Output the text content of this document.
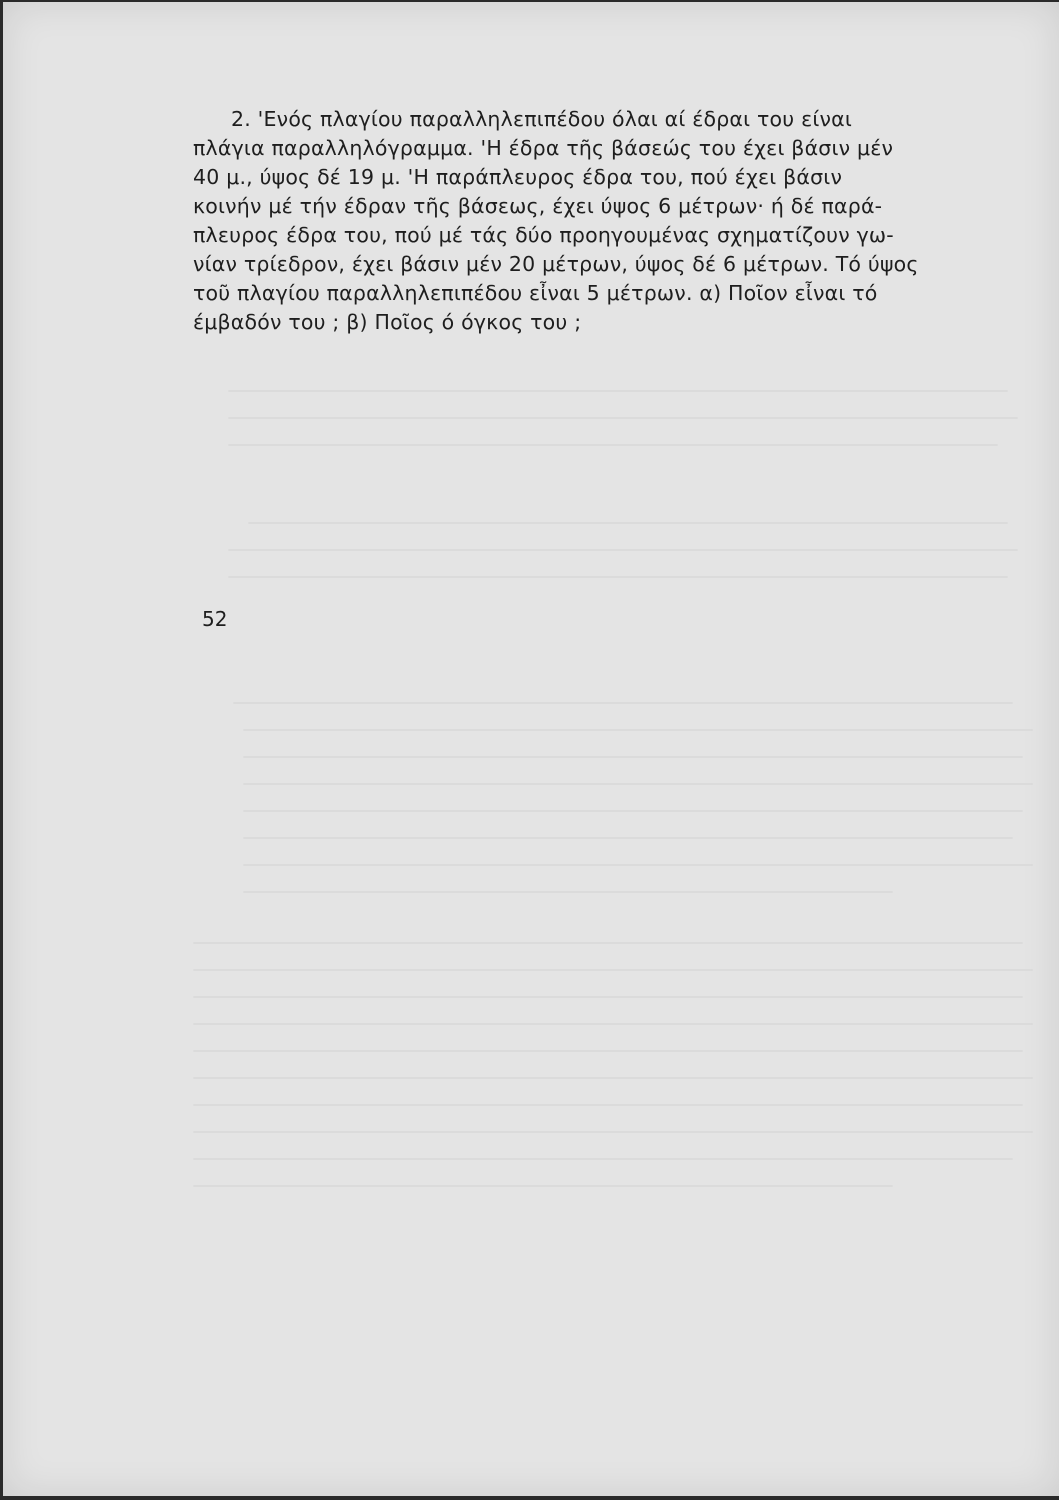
2. 'Ενός πλαγίου παραλληλεπιπέδου όλαι αί έδραι του είναι
πλάγια παραλληλόγραμμα. 'Η έδρα τῆς βάσεώς του έχει βάσιν μέν
40 μ., ύψος δέ 19 μ. 'Η παράπλευρος έδρα του, πού έχει βάσιν
κοινήν μέ τήν έδραν τῆς βάσεως, έχει ύψος 6 μέτρων· ή δέ παρά-
πλευρος έδρα του, πού μέ τάς δύο προηγουμένας σχηματίζουν γω-
νίαν τρίεδρον, έχει βάσιν μέν 20 μέτρων, ύψος δέ 6 μέτρων. Τό ύψος
τοῦ πλαγίου παραλληλεπιπέδου εἶναι 5 μέτρων. α) Ποῖον εἶναι τό
έμβαδόν του ; β) Ποῖος ό όγκος του ;
52
